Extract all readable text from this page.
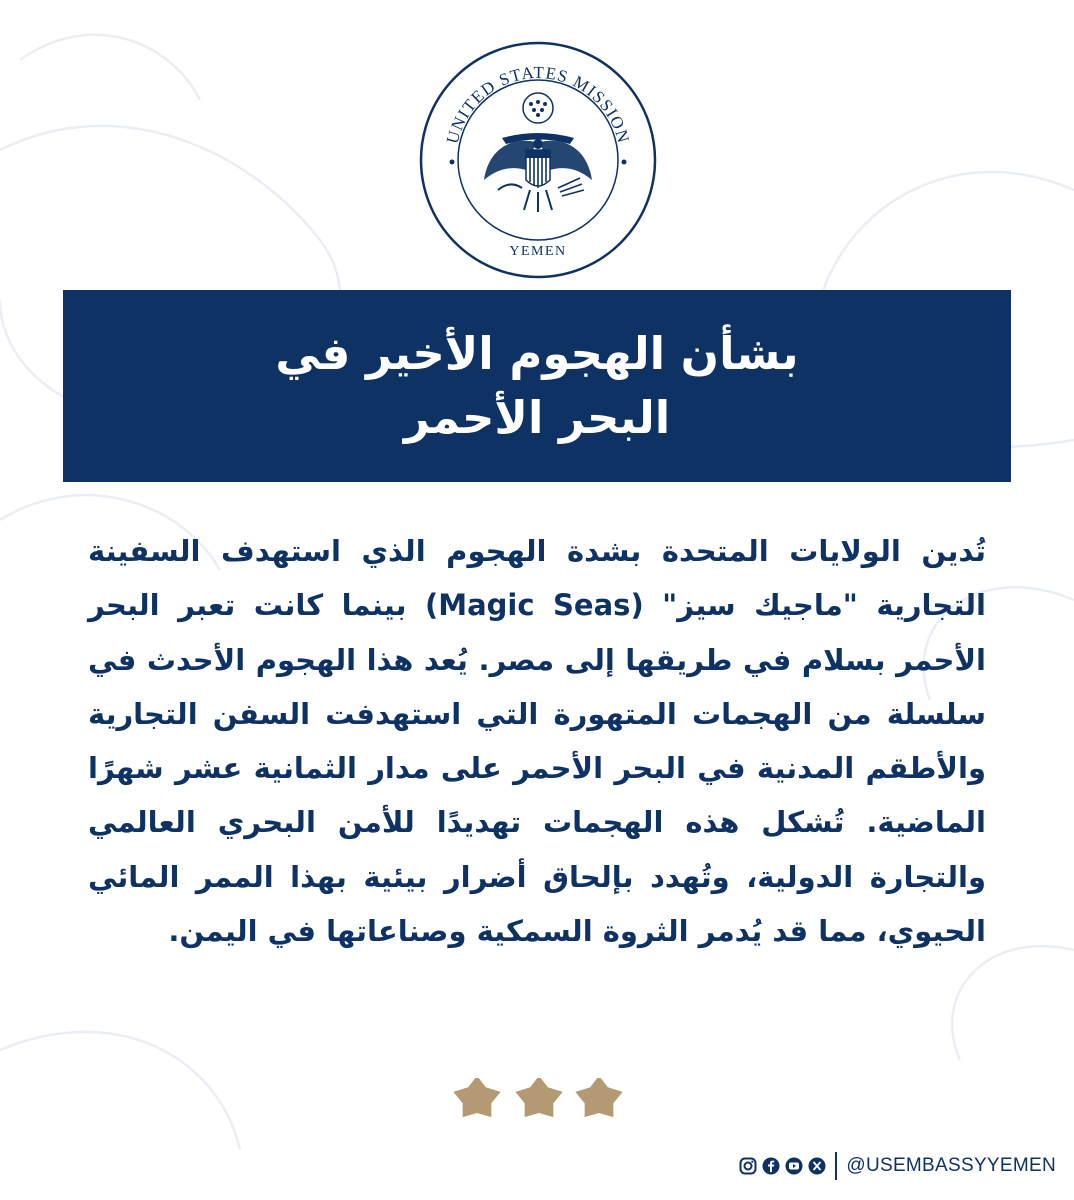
UNITED STATES MISSION
YEMEN
بشأن الهجوم الأخير في
البحر الأحمر
تُدين الولايات المتحدة بشدة الهجوم الذي استهدف السفينة التجارية "ماجيك سيز" (Magic Seas) بينما كانت تعبر البحر الأحمر بسلام في طريقها إلى مصر. يُعد هذا الهجوم الأحدث في سلسلة من الهجمات المتهورة التي استهدفت السفن التجارية والأطقم المدنية في البحر الأحمر على مدار الثمانية عشر شهرًا الماضية. تُشكل هذه الهجمات تهديدًا للأمن البحري العالمي والتجارة الدولية، وتُهدد بإلحاق أضرار بيئية بهذا الممر المائي الحيوي، مما قد يُدمر الثروة السمكية وصناعاتها في اليمن.
@USEMBASSYYEMEN
